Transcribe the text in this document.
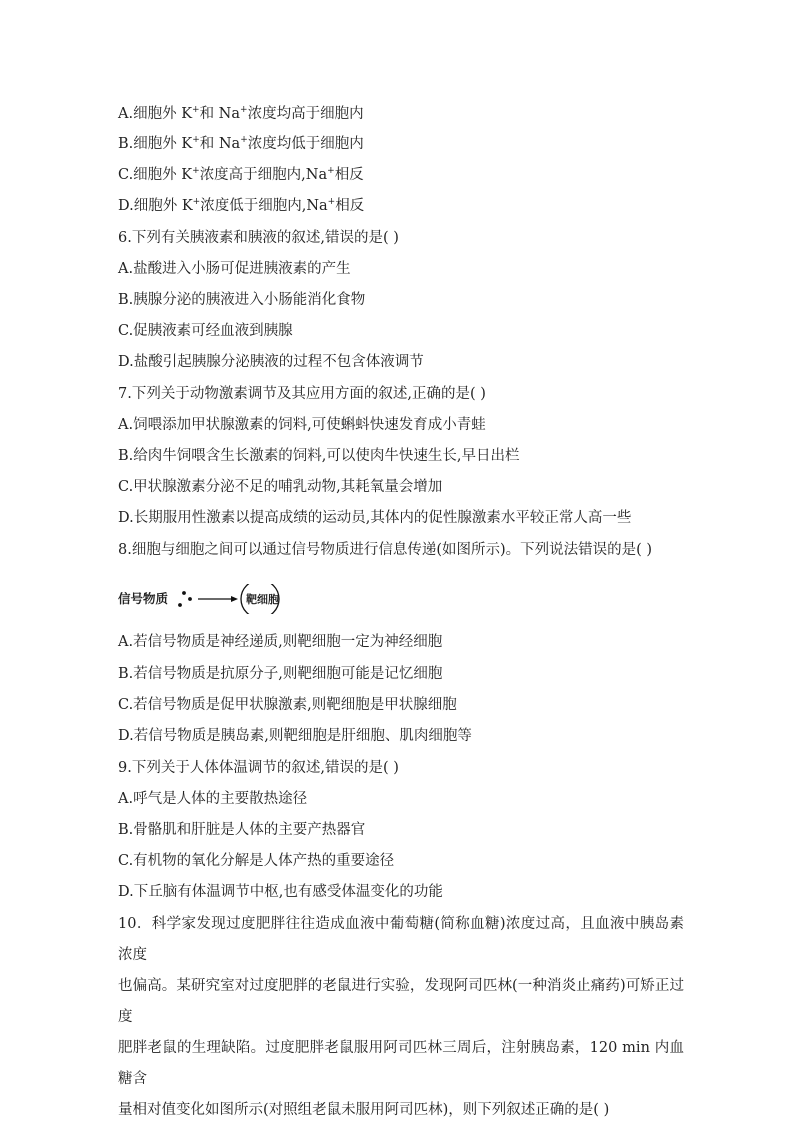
A.细胞外 K+和 Na+浓度均高于细胞内
B.细胞外 K+和 Na+浓度均低于细胞内
C.细胞外 K+浓度高于细胞内,Na+相反
D.细胞外 K+浓度低于细胞内,Na+相反
6.下列有关胰液素和胰液的叙述,错误的是( )
A.盐酸进入小肠可促进胰液素的产生
B.胰腺分泌的胰液进入小肠能消化食物
C.促胰液素可经血液到胰腺
D.盐酸引起胰腺分泌胰液的过程不包含体液调节
7.下列关于动物激素调节及其应用方面的叙述,正确的是( )
A.饲喂添加甲状腺激素的饲料,可使蝌蚪快速发育成小青蛙
B.给肉牛饲喂含生长激素的饲料,可以使肉牛快速生长,早日出栏
C.甲状腺激素分泌不足的哺乳动物,其耗氧量会增加
D.长期服用性激素以提高成绩的运动员,其体内的促性腺激素水平较正常人高一些
8.细胞与细胞之间可以通过信号物质进行信息传递(如图所示)。下列说法错误的是( )
信号物质	靶细胞
A.若信号物质是神经递质,则靶细胞一定为神经细胞
B.若信号物质是抗原分子,则靶细胞可能是记忆细胞
C.若信号物质是促甲状腺激素,则靶细胞是甲状腺细胞
D.若信号物质是胰岛素,则靶细胞是肝细胞、肌肉细胞等
9.下列关于人体体温调节的叙述,错误的是( )
A.呼气是人体的主要散热途径
B.骨骼肌和肝脏是人体的主要产热器官
C.有机物的氧化分解是人体产热的重要途径
D.下丘脑有体温调节中枢,也有感受体温变化的功能
10．科学家发现过度肥胖往往造成血液中葡萄糖(简称血糖)浓度过高，且血液中胰岛素浓度
也偏高。某研究室对过度肥胖的老鼠进行实验，发现阿司匹林(一种消炎止痛药)可矫正过度
肥胖老鼠的生理缺陷。过度肥胖老鼠服用阿司匹林三周后，注射胰岛素，120 min 内血糖含
量相对值变化如图所示(对照组老鼠未服用阿司匹林)，则下列叙述正确的是( )
